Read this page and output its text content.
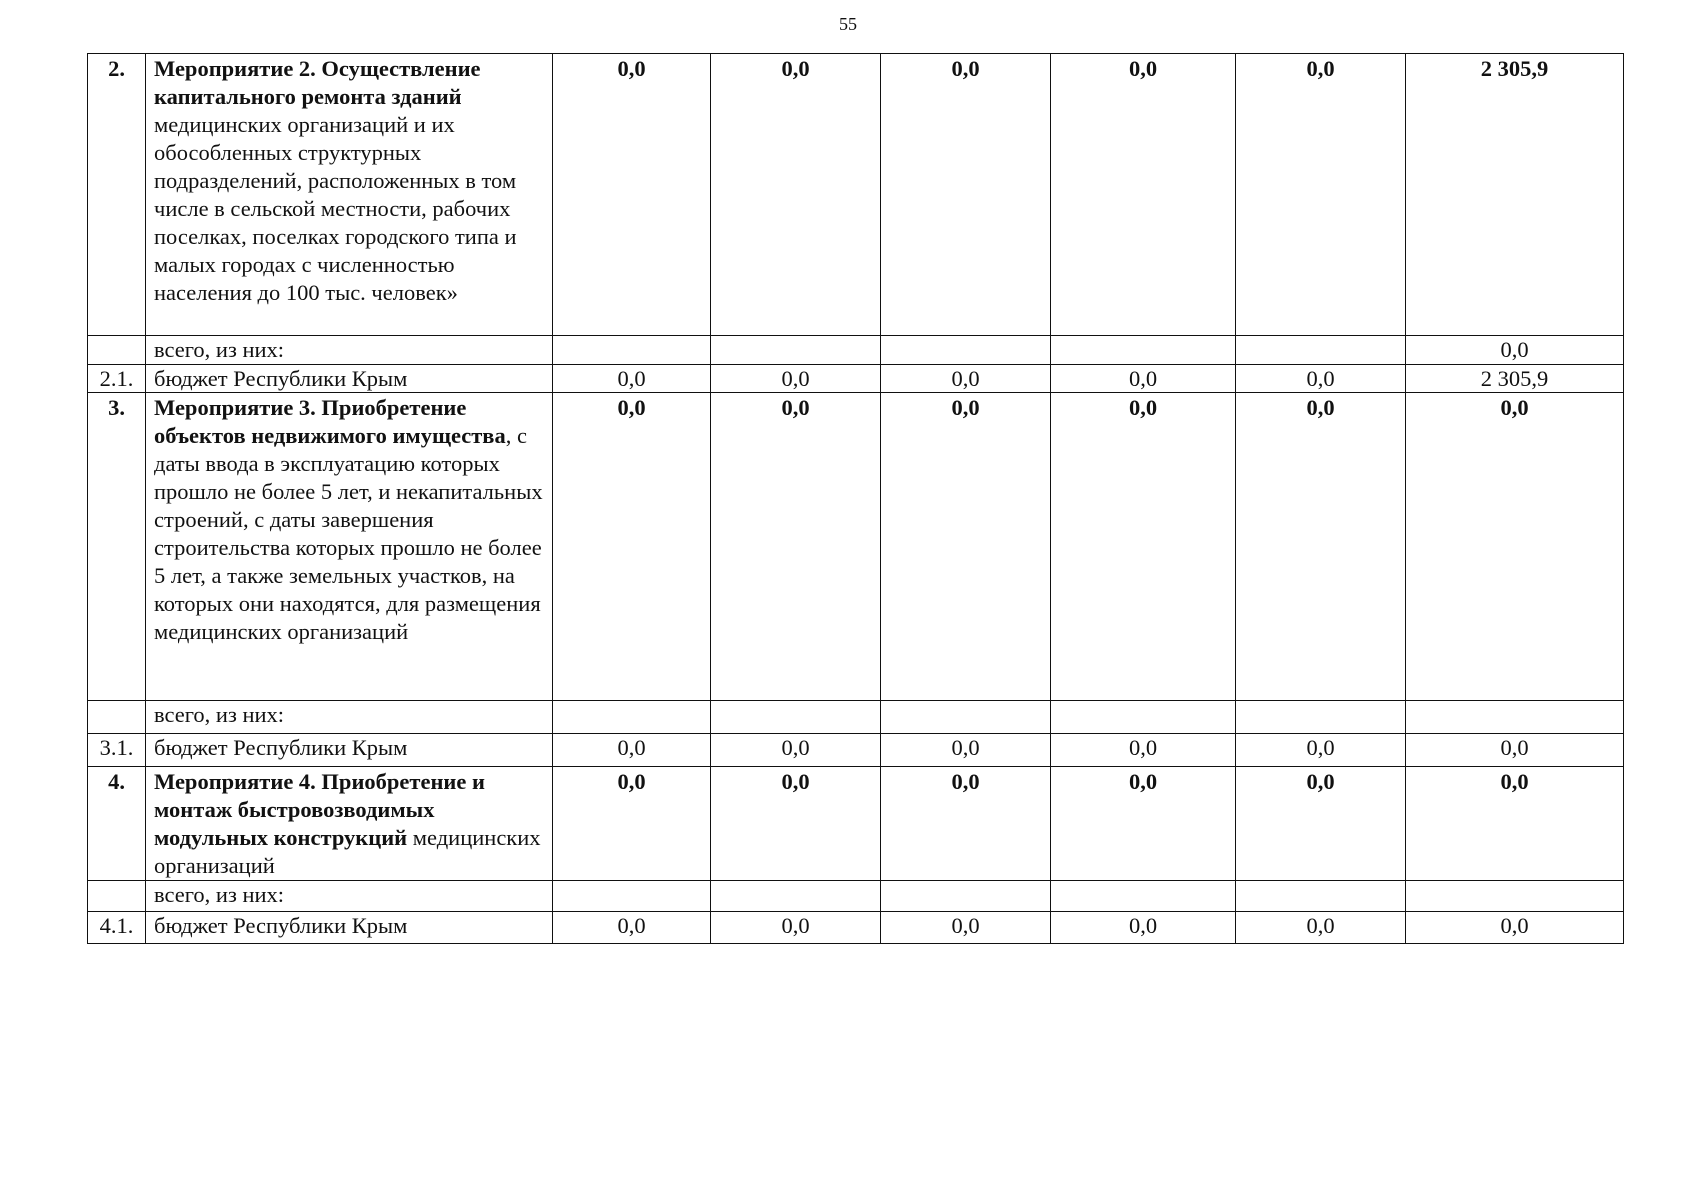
55
2.	Мероприятие 2. Осуществление капитального ремонта зданий медицинских организаций и их обособленных структурных подразделений, расположенных в том числе в сельской местности, рабочих поселках, поселках городского типа и малых городах с численностью населения до 100 тыс. человек»	0,0	0,0	0,0	0,0	0,0	2 305,9
	всего, из них:						0,0
2.1.	бюджет Республики Крым	0,0	0,0	0,0	0,0	0,0	2 305,9
3.	Мероприятие 3. Приобретение объектов недвижимого имущества, с даты ввода в эксплуатацию которых прошло не более 5 лет, и некапитальных строений, с даты завершения строительства которых прошло не более 5 лет, а также земельных участков, на которых они находятся, для размещения медицинских организаций	0,0	0,0	0,0	0,0	0,0	0,0
	всего, из них:						
3.1.	бюджет Республики Крым	0,0	0,0	0,0	0,0	0,0	0,0
4.	Мероприятие 4. Приобретение и монтаж быстровозводимых модульных конструкций медицинских организаций	0,0	0,0	0,0	0,0	0,0	0,0
	всего, из них:						
4.1.	бюджет Республики Крым	0,0	0,0	0,0	0,0	0,0	0,0
